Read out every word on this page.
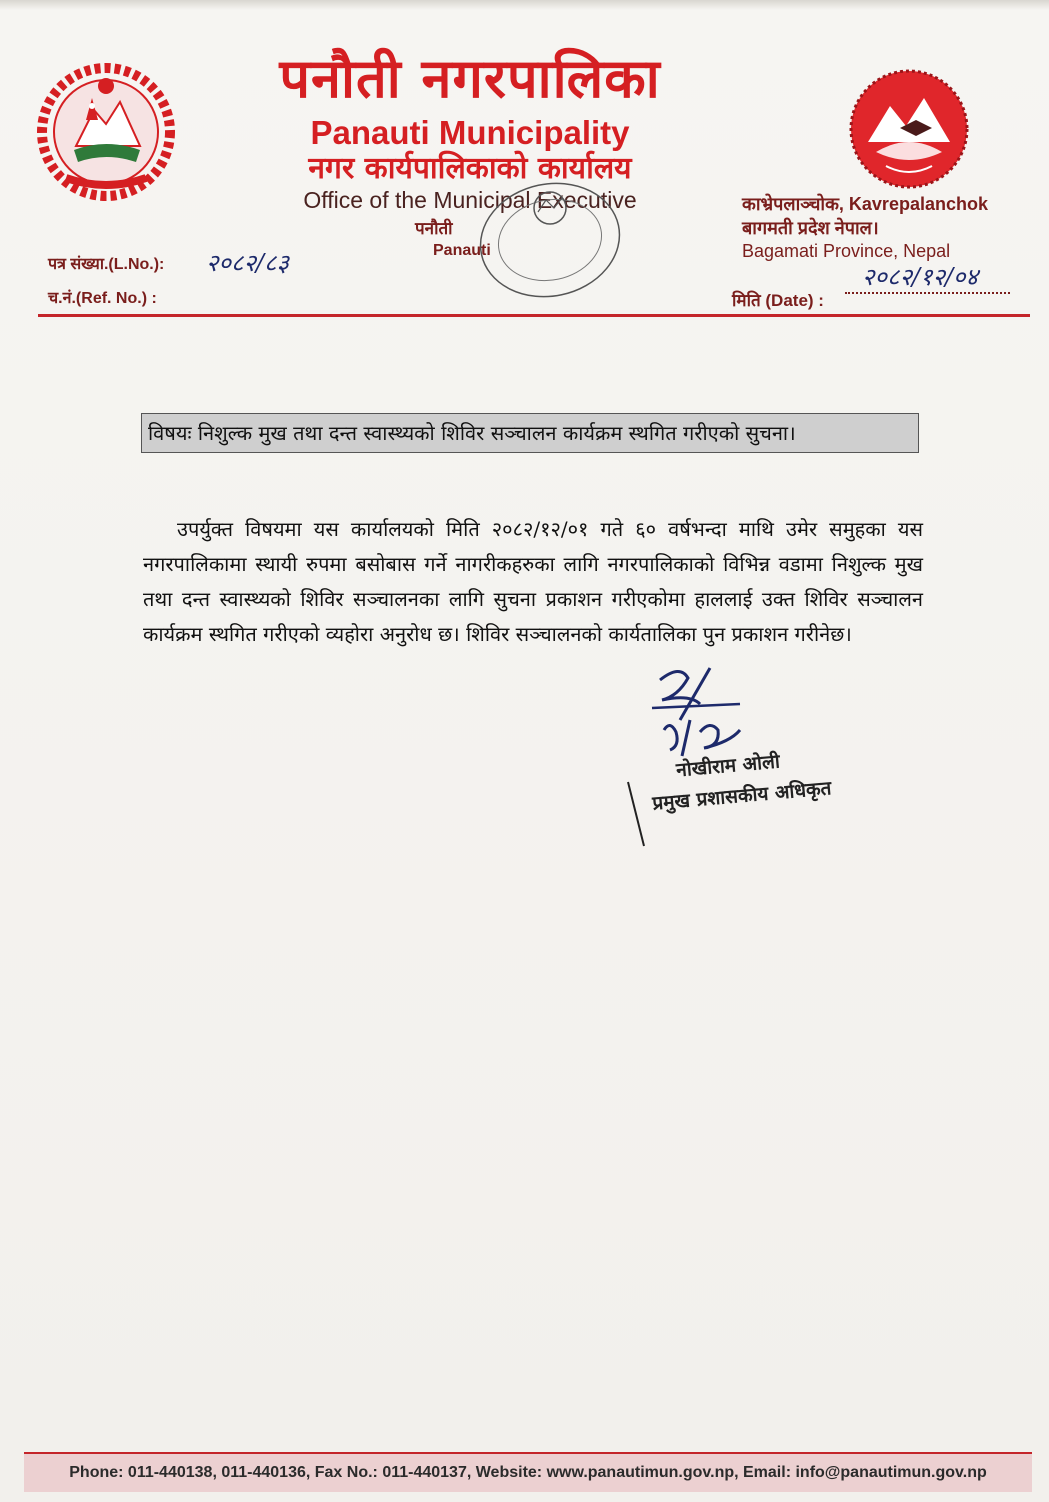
पनौती नगरपालिका
Panauti Municipality
नगर कार्यपालिकाको कार्यालय
Office of the Municipal Executive	काभ्रेपलाञ्चोक, Kavrepalanchok
बागमती प्रदेश नेपाल।
Bagamati Province, Nepal
पत्र संख्या.(L.No.): २०८२/८३
च.नं.(Ref. No.) :
२०८२/१२/०४
मिति (Date) :
पनौती
Panauti
विषयः निशुल्क मुख तथा दन्त स्वास्थ्यको शिविर सञ्चालन कार्यक्रम स्थगित गरीएको सुचना।
उपर्युक्त विषयमा यस कार्यालयको मिति २०८२/१२/०१ गते ६० वर्षभन्दा माथि उमेर समुहका यस नगरपालिकामा स्थायी रुपमा बसोबास गर्ने नागरीकहरुका लागि नगरपालिकाको विभिन्न वडामा निशुल्क मुख तथा दन्त स्वास्थ्यको शिविर सञ्चालनका लागि सुचना प्रकाशन गरीएकोमा हाललाई उक्त शिविर सञ्चालन कार्यक्रम स्थगित गरीएको व्यहोरा अनुरोध छ। शिविर सञ्चालनको कार्यतालिका पुन प्रकाशन गरीनेछ।
नोखीराम ओली
प्रमुख प्रशासकीय अधिकृत
Phone: 011-440138, 011-440136, Fax No.: 011-440137, Website: www.panautimun.gov.np, Email: info@panautimun.gov.np
